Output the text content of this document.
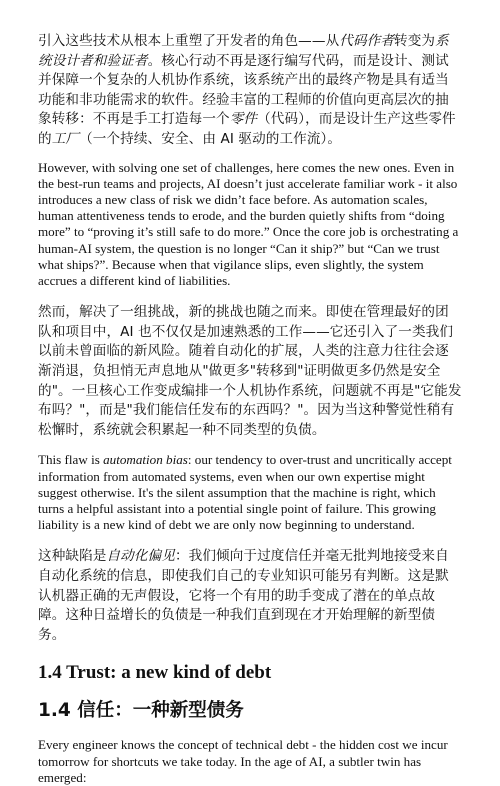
引入这些技术从根本上重塑了开发者的角色——从代码作者转变为系统设计者和验证者。核心行动不再是逐行编写代码，而是设计、测试并保障一个复杂的人机协作系统，该系统产出的最终产物是具有适当功能和非功能需求的软件。经验丰富的工程师的价值向更高层次的抽象转移：不再是手工打造每一个零件（代码），而是设计生产这些零件的工厂（一个持续、安全、由 AI 驱动的工作流）。

However, with solving one set of challenges, here comes the new ones. Even in the best-run teams and projects, AI doesn’t just accelerate familiar work - it also introduces a new class of risk we didn’t face before. As automation scales, human attentiveness tends to erode, and the burden quietly shifts from “doing more” to “proving it’s still safe to do more.” Once the core job is orchestrating a human-AI system, the question is no longer “Can it ship?” but “Can we trust what ships?”. Because when that vigilance slips, even slightly, the system accrues a different kind of liabilities.

然而，解决了一组挑战，新的挑战也随之而来。即使在管理最好的团队和项目中，AI 也不仅仅是加速熟悉的工作——它还引入了一类我们以前未曾面临的新风险。随着自动化的扩展，人类的注意力往往会逐渐消退，负担悄无声息地从"做更多"转移到"证明做更多仍然是安全的"。一旦核心工作变成编排一个人机协作系统，问题就不再是"它能发布吗？"，而是"我们能信任发布的东西吗？"。因为当这种警觉性稍有松懈时，系统就会积累起一种不同类型的负债。

This flaw is automation bias: our tendency to over-trust and uncritically accept information from automated systems, even when our own expertise might suggest otherwise. It's the silent assumption that the machine is right, which turns a helpful assistant into a potential single point of failure. This growing liability is a new kind of debt we are only now beginning to understand.

这种缺陷是自动化偏见：我们倾向于过度信任并毫无批判地接受来自自动化系统的信息，即使我们自己的专业知识可能另有判断。这是默认机器正确的无声假设，它将一个有用的助手变成了潜在的单点故障。这种日益增长的负债是一种我们直到现在才开始理解的新型债务。

1.4 Trust: a new kind of debt
1.4 信任：一种新型债务

Every engineer knows the concept of technical debt - the hidden cost we incur tomorrow for shortcuts we take today. In the age of AI, a subtler twin has emerged:
